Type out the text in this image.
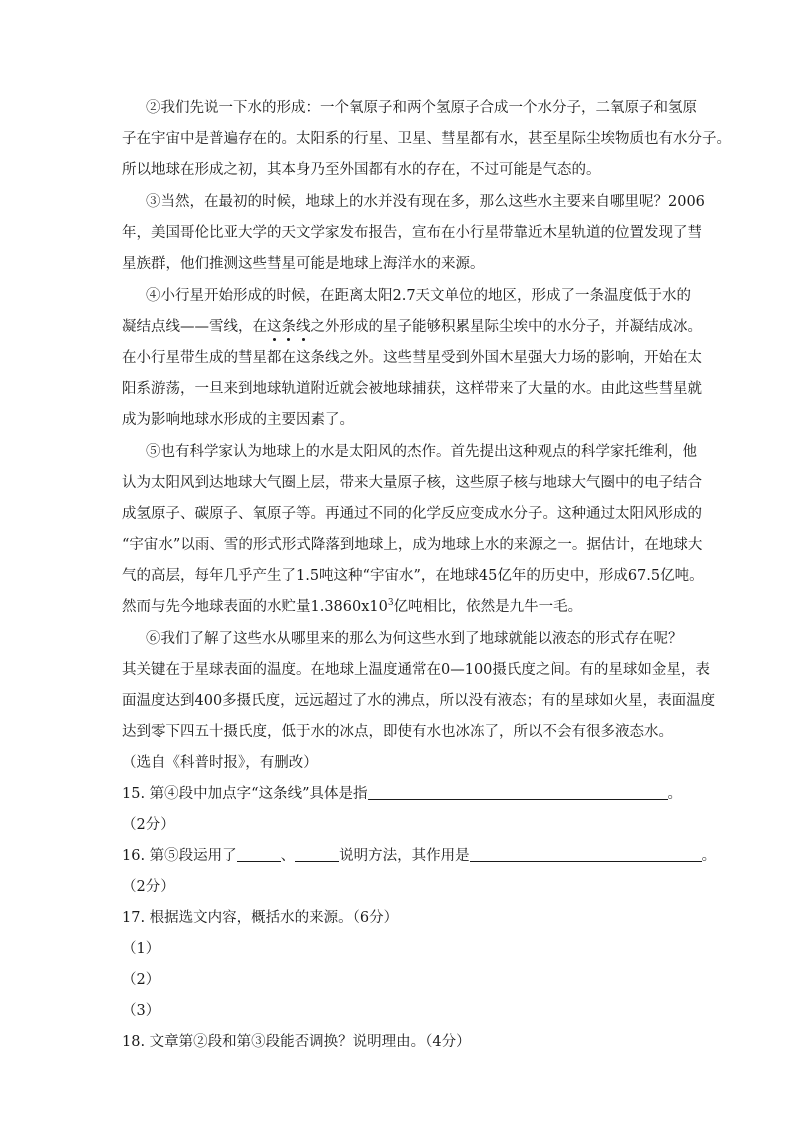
②我们先说一下水的形成：一个氧原子和两个氢原子合成一个水分子，二氧原子和氢原
子在宇宙中是普遍存在的。太阳系的行星、卫星、彗星都有水，甚至星际尘埃物质也有水分子。
所以地球在形成之初，其本身乃至外国都有水的存在，不过可能是气态的。
③当然，在最初的时候，地球上的水并没有现在多，那么这些水主要来自哪里呢？2006
年，美国哥伦比亚大学的天文学家发布报告，宣布在小行星带靠近木星轨道的位置发现了彗
星族群，他们推测这些彗星可能是地球上海洋水的来源。
④小行星开始形成的时候，在距离太阳2.7天文单位的地区，形成了一条温度低于水的
凝结点线——雪线，在这条线之外形成的星子能够积累星际尘埃中的水分子，并凝结成冰。
在小行星带生成的彗星都在这条线之外。这些彗星受到外国木星强大力场的影响，开始在太
阳系游荡，一旦来到地球轨道附近就会被地球捕获，这样带来了大量的水。由此这些彗星就
成为影响地球水形成的主要因素了。
⑤也有科学家认为地球上的水是太阳风的杰作。首先提出这种观点的科学家托维利，他
认为太阳风到达地球大气圈上层，带来大量原子核，这些原子核与地球大气圈中的电子结合
成氢原子、碳原子、氧原子等。再通过不同的化学反应变成水分子。这种通过太阳风形成的
“宇宙水”以雨、雪的形式形式降落到地球上，成为地球上水的来源之一。据估计，在地球大
气的高层，每年几乎产生了1.5吨这种“宇宙水”，在地球45亿年的历史中，形成67.5亿吨。
然而与先今地球表面的水贮量$1.3860x10^3$亿吨相比，依然是九牛一毛。
⑥我们了解了这些水从哪里来的那么为何这些水到了地球就能以液态的形式存在呢？
其关键在于星球表面的温度。在地球上温度通常在0—100摄氏度之间。有的星球如金星，表
面温度达到400多摄氏度，远远超过了水的沸点，所以没有液态；有的星球如火星，表面温度
达到零下四五十摄氏度，低于水的冰点，即使有水也冰冻了，所以不会有很多液态水。
（选自《科普时报》，有删改）
15. 第④段中加点字“这条线”具体是指	。
（2分）
16. 第⑤段运用了	、	说明方法，其作用是	。
（2分）
17. 根据选文内容，概括水的来源。（6分）
（1）
（2）
（3）
18. 文章第②段和第③段能否调换？说明理由。（4分）
